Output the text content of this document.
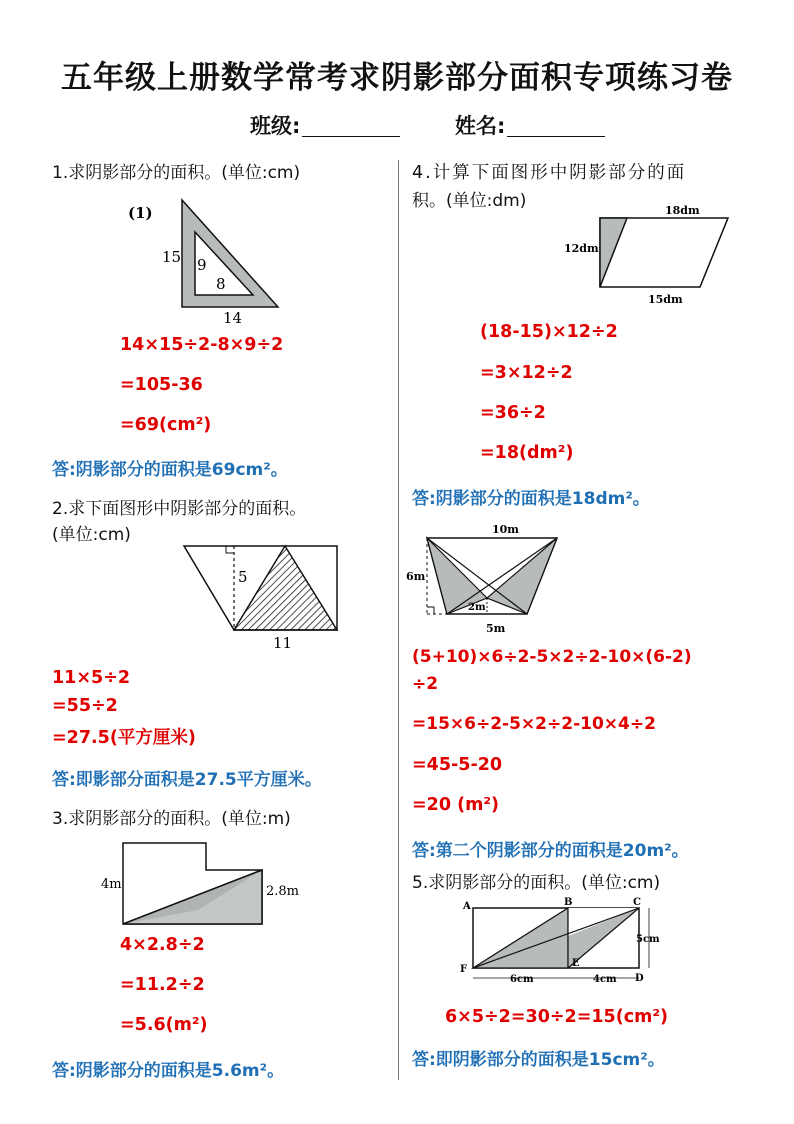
五年级上册数学常考求阴影部分面积专项练习卷
班级:	姓名:
1.求阴影部分的面积。(单位:cm)
(1)
15
14
9
8
14×15÷2-8×9÷2
=105-36
=69(cm²)
答:阴影部分的面积是69cm²。
2.求下面图形中阴影部分的面积。
(单位:cm)
5
11
11×5÷2
=55÷2
=27.5(平方厘米)
答:即影部分面积是27.5平方厘米。
3.求阴影部分的面积。(单位:m)
4m	2.8m
4×2.8÷2
=11.2÷2
=5.6(m²)
答:阴影部分的面积是5.6m²。
4.计算下面图形中阴影部分的面
积。(单位:dm)	18dm
12dm
15dm
(18-15)×12÷2
=3×12÷2
=36÷2
=18(dm²)
答:阴影部分的面积是18dm²。
10m
6m
2m
5m
(5+10)×6÷2-5×2÷2-10×(6-2)
÷2
=15×6÷2-5×2÷2-10×4÷2
=45-5-20
=20 (m²)
答:第二个阴影部分的面积是20m²。
5.求阴影部分的面积。(单位:cm)
A	B	C
D
E
F
6cm	4cm
5cm
6×5÷2=30÷2=15(cm²)
答:即阴影部分的面积是15cm²。
